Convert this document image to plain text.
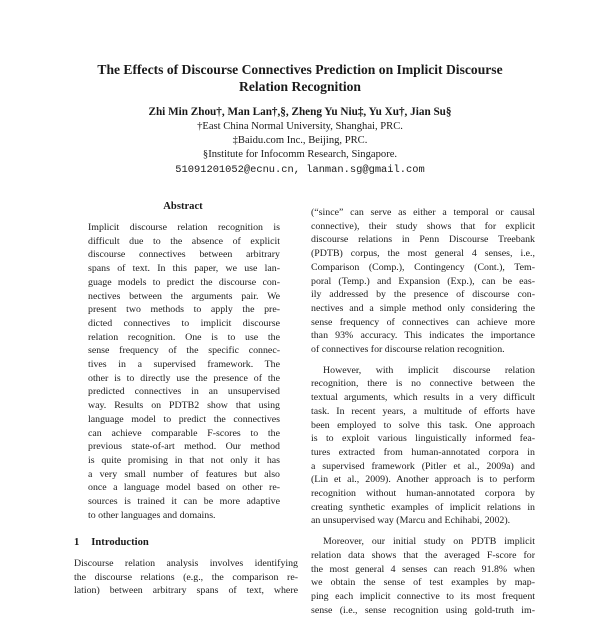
The Effects of Discourse Connectives Prediction on Implicit Discourse
Relation Recognition
Zhi Min Zhou†, Man Lan†,§, Zheng Yu Niu‡, Yu Xu†, Jian Su§
†East China Normal University, Shanghai, PRC.
‡Baidu.com Inc., Beijing, PRC.
§Institute for Infocomm Research, Singapore.
51091201052@ecnu.cn, lanman.sg@gmail.com
Abstract
Implicit discourse relation recognition is
difficult due to the absence of explicit
discourse connectives between arbitrary
spans of text. In this paper, we use lan-
guage models to predict the discourse con-
nectives between the arguments pair. We
present two methods to apply the pre-
dicted connectives to implicit discourse
relation recognition. One is to use the
sense frequency of the specific connec-
tives in a supervised framework. The
other is to directly use the presence of the
predicted connectives in an unsupervised
way. Results on PDTB2 show that using
language model to predict the connectives
can achieve comparable F-scores to the
previous state-of-art method. Our method
is quite promising in that not only it has
a very small number of features but also
once a language model based on other re-
sources is trained it can be more adaptive
to other languages and domains.
1 Introduction
Discourse relation analysis involves identifying
the discourse relations (e.g., the comparison re-
lation) between arbitrary spans of text, where
(“since” can serve as either a temporal or causal
connective), their study shows that for explicit
discourse relations in Penn Discourse Treebank
(PDTB) corpus, the most general 4 senses, i.e.,
Comparison (Comp.), Contingency (Cont.), Tem-
poral (Temp.) and Expansion (Exp.), can be eas-
ily addressed by the presence of discourse con-
nectives and a simple method only considering the
sense frequency of connectives can achieve more
than 93% accuracy. This indicates the importance
of connectives for discourse relation recognition.
However, with implicit discourse relation
recognition, there is no connective between the
textual arguments, which results in a very difficult
task. In recent years, a multitude of efforts have
been employed to solve this task. One approach
is to exploit various linguistically informed fea-
tures extracted from human-annotated corpora in
a supervised framework (Pitler et al., 2009a) and
(Lin et al., 2009). Another approach is to perform
recognition without human-annotated corpora by
creating synthetic examples of implicit relations in
an unsupervised way (Marcu and Echihabi, 2002).
Moreover, our initial study on PDTB implicit
relation data shows that the averaged F-score for
the most general 4 senses can reach 91.8% when
we obtain the sense of test examples by map-
ping each implicit connective to its most frequent
sense (i.e., sense recognition using gold-truth im-
